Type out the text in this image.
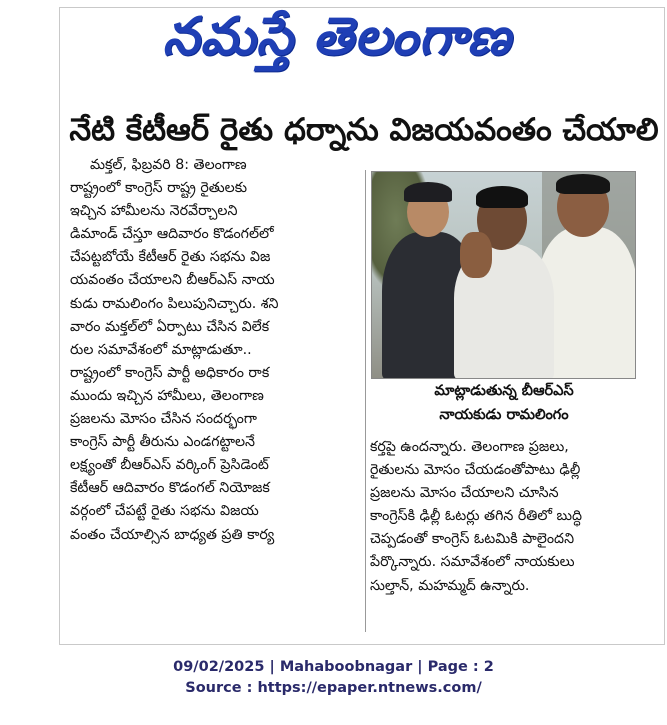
నమస్తే తెలంగాణ
నేటి కేటీఆర్ రైతు ధర్నాను విజయవంతం చేయాలి

మక్తల్, ఫిబ్రవరి 8: తెలంగాణ

రాష్ట్రంలో కాంగ్రెస్ రాష్ట్ర రైతులకు

ఇచ్చిన హామీలను నెరవేర్చాలని

డిమాండ్ చేస్తూ ఆదివారం కొడంగల్‌లో

చేపట్టబోయే కేటీఆర్ రైతు సభను విజ

యవంతం చేయాలని బీఆర్ఎస్ నాయ

కుడు రామలింగం పిలుపునిచ్చారు. శని

వారం మక్తల్‌లో ఏర్పాటు చేసిన విలేక

రుల సమావేశంలో మాట్లాడుతూ..

రాష్ట్రంలో కాంగ్రెస్ పార్టీ అధికారం రాక

ముందు ఇచ్చిన హామీలు, తెలంగాణ

ప్రజలను మోసం చేసిన సందర్భంగా

కాంగ్రెస్ పార్టీ తీరును ఎండగట్టాలనే

లక్ష్యంతో బీఆర్ఎస్ వర్కింగ్ ప్రెసిడెంట్

కేటీఆర్ ఆదివారం కొడంగల్ నియోజక

వర్గంలో చేపట్టే రైతు సభను విజయ

వంతం చేయాల్సిన బాధ్యత ప్రతి కార్య

మాట్లాడుతున్న బీఆర్ఎస్
నాయకుడు రామలింగం

కర్తపై ఉందన్నారు. తెలంగాణ ప్రజలు,

రైతులను మోసం చేయడంతోపాటు ఢిల్లీ

ప్రజలను మోసం చేయాలని చూసిన

కాంగ్రెస్‌కి ఢిల్లీ ఓటర్లు తగిన రీతిలో బుద్ధి

చెప్పడంతో కాంగ్రెస్ ఓటమికి పాలైందని

పేర్కొన్నారు. సమావేశంలో నాయకులు

సుల్తాన్, మహమ్మద్ ఉన్నారు.

09/02/2025 | Mahaboobnagar | Page : 2
Source : https://epaper.ntnews.com/
